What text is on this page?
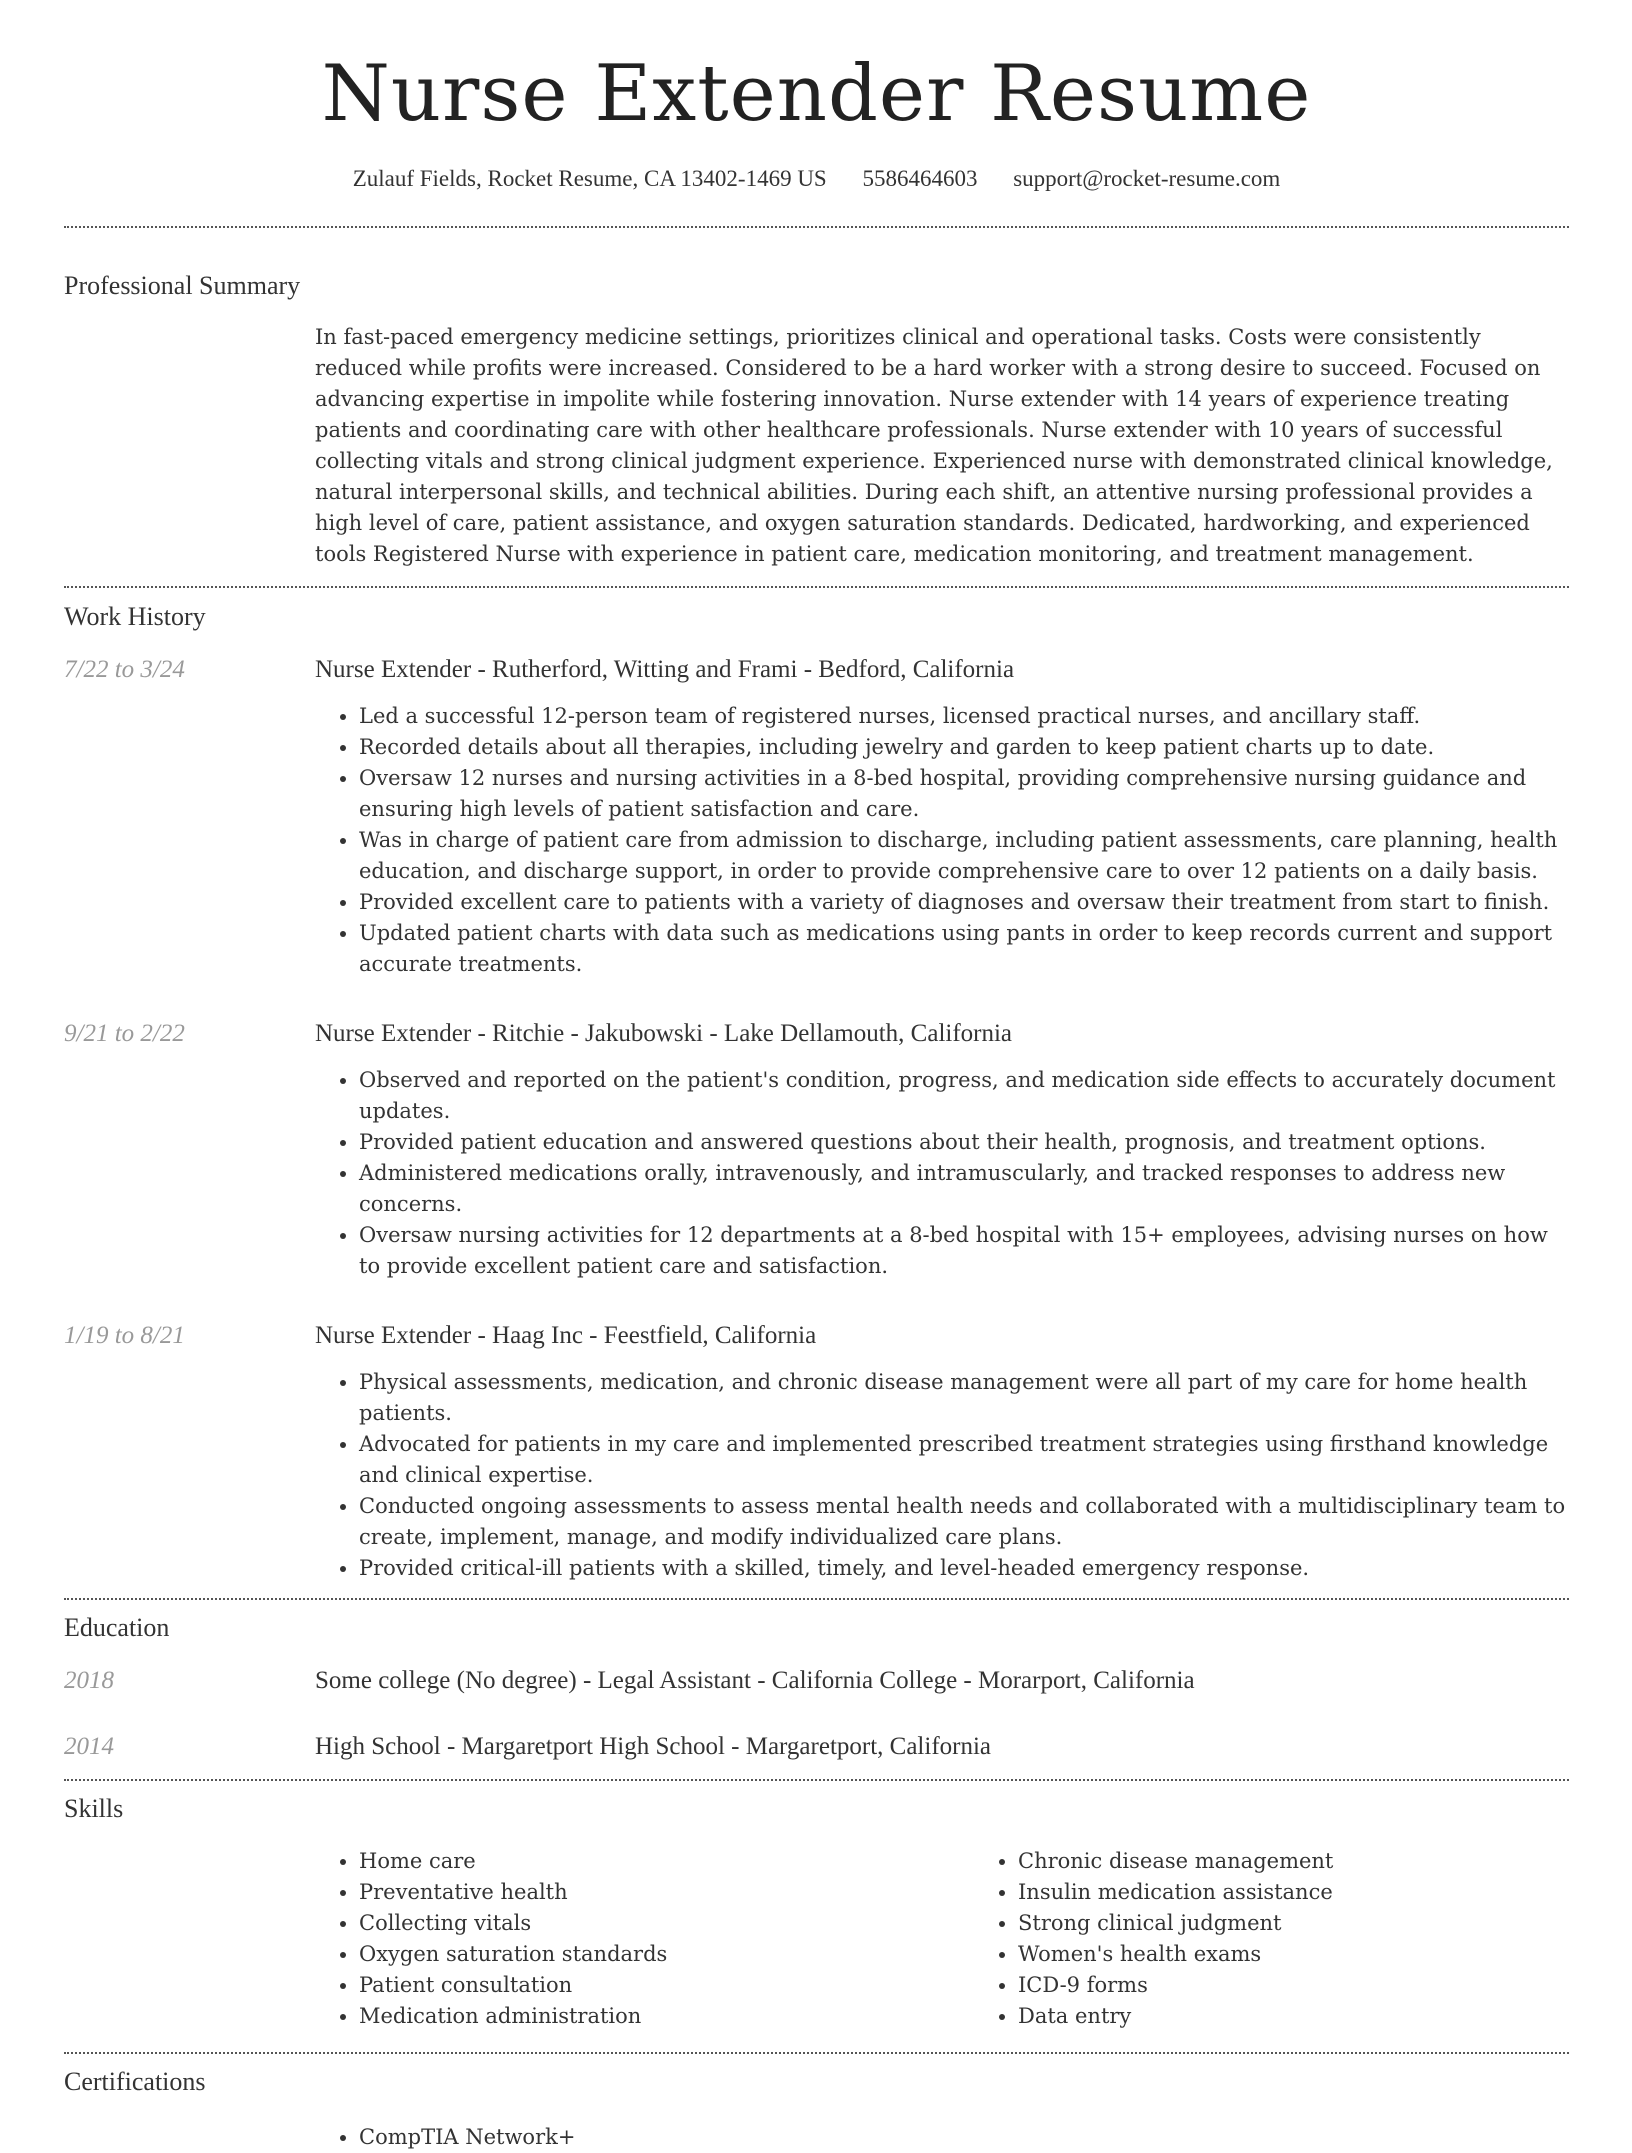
Nurse Extender Resume
Zulauf Fields, Rocket Resume, CA 13402-1469 US 5586464603 support@rocket-resume.com
Professional Summary

In fast-paced emergency medicine settings, prioritizes clinical and operational tasks. Costs were consistently reduced while profits were increased. Considered to be a hard worker with a strong desire to succeed. Focused on advancing expertise in impolite while fostering innovation. Nurse extender with 14 years of experience treating patients and coordinating care with other healthcare professionals. Nurse extender with 10 years of successful collecting vitals and strong clinical judgment experience. Experienced nurse with demonstrated clinical knowledge, natural interpersonal skills, and technical abilities. During each shift, an attentive nursing professional provides a high level of care, patient assistance, and oxygen saturation standards. Dedicated, hardworking, and experienced tools Registered Nurse with experience in patient care, medication monitoring, and treatment management.

Work History
7/22 to 3/24	Nurse Extender - Rutherford, Witting and Frami - Bedford, California
• Led a successful 12-person team of registered nurses, licensed practical nurses, and ancillary staff.
• Recorded details about all therapies, including jewelry and garden to keep patient charts up to date.
• Oversaw 12 nurses and nursing activities in a 8-bed hospital, providing comprehensive nursing guidance and ensuring high levels of patient satisfaction and care.
• Was in charge of patient care from admission to discharge, including patient assessments, care planning, health education, and discharge support, in order to provide comprehensive care to over 12 patients on a daily basis.
• Provided excellent care to patients with a variety of diagnoses and oversaw their treatment from start to finish.
• Updated patient charts with data such as medications using pants in order to keep records current and support accurate treatments.
9/21 to 2/22	Nurse Extender - Ritchie - Jakubowski - Lake Dellamouth, California
• Observed and reported on the patient's condition, progress, and medication side effects to accurately document updates.
• Provided patient education and answered questions about their health, prognosis, and treatment options.
• Administered medications orally, intravenously, and intramuscularly, and tracked responses to address new concerns.
• Oversaw nursing activities for 12 departments at a 8-bed hospital with 15+ employees, advising nurses on how to provide excellent patient care and satisfaction.
1/19 to 8/21	Nurse Extender - Haag Inc - Feestfield, California
• Physical assessments, medication, and chronic disease management were all part of my care for home health patients.
• Advocated for patients in my care and implemented prescribed treatment strategies using firsthand knowledge and clinical expertise.
• Conducted ongoing assessments to assess mental health needs and collaborated with a multidisciplinary team to create, implement, manage, and modify individualized care plans.
• Provided critical-ill patients with a skilled, timely, and level-headed emergency response.
Education
2018	Some college (No degree) - Legal Assistant - California College - Morarport, California
2014	High School - Margaretport High School - Margaretport, California
Skills
• Home care
• Preventative health
• Collecting vitals
• Oxygen saturation standards
• Patient consultation
• Medication administration
• Chronic disease management
• Insulin medication assistance
• Strong clinical judgment
• Women's health exams
• ICD-9 forms
• Data entry
Certifications
• CompTIA Network+
